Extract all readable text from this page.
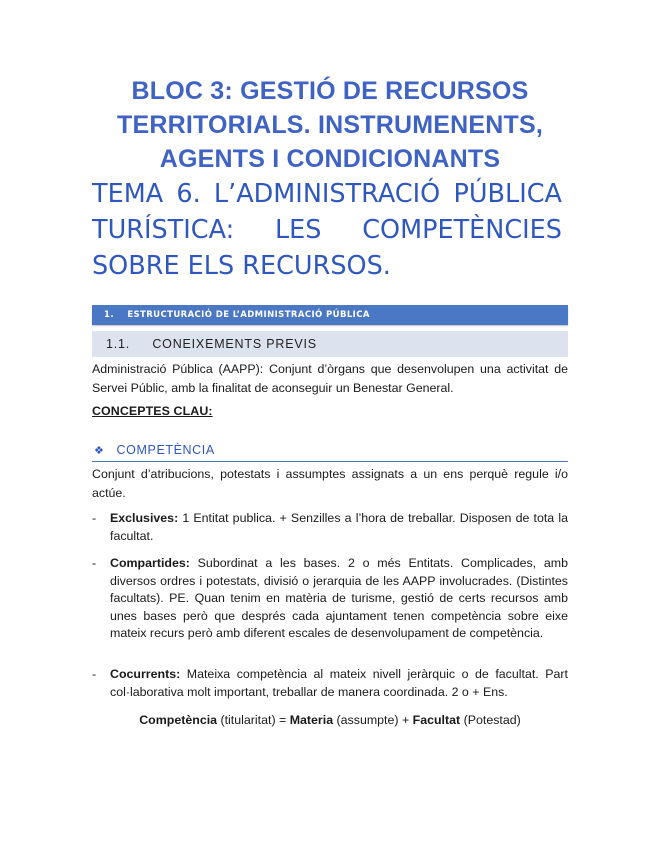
BLOC 3: GESTIÓ DE RECURSOS
TERRITORIALS. INSTRUMENENTS,
AGENTS I CONDICIONANTS
TEMA 6. L’ADMINISTRACIÓ PÚBLICA TURÍSTICA: LES COMPETÈNCIES SOBRE ELS RECURSOS.
1. ESTRUCTURACIÓ DE L’ADMINISTRACIÓ PÚBLICA
1.1. CONEIXEMENTS PREVIS
Administració Pública (AAPP): Conjunt d’òrgans que desenvolupen una activitat de Servei Públic, amb la finalitat de aconseguir un Benestar General.
CONCEPTES CLAU:
❖ COMPETÈNCIA
Conjunt d’atribucions, potestats i assumptes assignats a un ens perquè regule i/o actúe.
- Exclusives: 1 Entitat publica. + Senzilles a l’hora de treballar. Disposen de tota la facultat.
- Compartides: Subordinat a les bases. 2 o més Entitats. Complicades, amb diversos ordres i potestats, divisió o jerarquia de les AAPP involucrades. (Distintes facultats). PE. Quan tenim en matèria de turisme, gestió de certs recursos amb unes bases però que després cada ajuntament tenen competència sobre eixe mateix recurs però amb diferent escales de desenvolupament de competència.
- Cocurrents: Mateixa competència al mateix nivell jeràrquic o de facultat. Part col·laborativa molt important, treballar de manera coordinada. 2 o + Ens.
Competència (titularitat) = Materia (assumpte) + Facultat (Potestad)
